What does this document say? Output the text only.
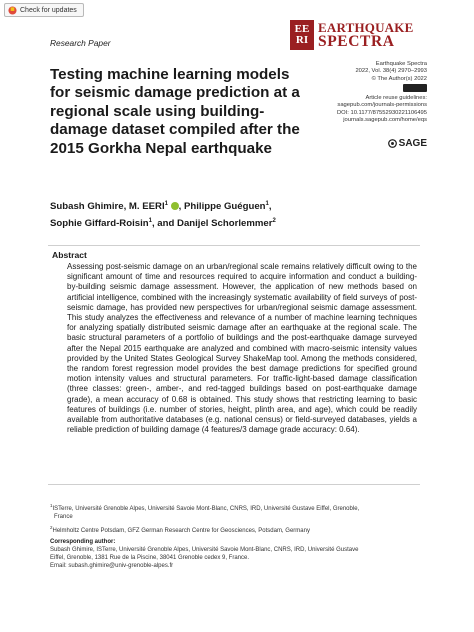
Check for updates
Research Paper
EE
RI
EARTHQUAKE
SPECTRA
Earthquake Spectra
2022, Vol. 38(4) 2970–2993
© The Author(s) 2022
Article reuse guidelines:
sagepub.com/journals-permissions
DOI: 10.1177/87552930221106495
journals.sagepub.com/home/eqs
SAGE
Testing machine learning models for seismic damage prediction at a regional scale using building-damage dataset compiled after the 2015 Gorkha Nepal earthquake
Subash Ghimire, M. EERI$^1$ , Philippe Guéguen$^1$,
Sophie Giffard-Roisin$^1$, and Danijel Schorlemmer$^2$
Abstract

Assessing post-seismic damage on an urban/regional scale remains relatively difficult owing to the significant amount of time and resources required to acquire information and conduct a building-by-building seismic damage assessment. However, the application of new methods based on artificial intelligence, combined with the increasingly systematic availability of field surveys of post-seismic damage, has provided new perspectives for urban/regional seismic damage assessment. This study analyzes the effectiveness and relevance of a number of machine learning techniques for analyzing spatially distributed seismic damage after an earthquake at the regional scale. The basic structural parameters of a portfolio of buildings and the post-earthquake damage surveyed after the Nepal 2015 earthquake are analyzed and combined with macro-seismic intensity values provided by the United States Geological Survey ShakeMap tool. Among the methods considered, the random forest regression model provides the best damage predictions for specified ground motion intensity values and structural parameters. For traffic-light-based damage classification (three classes: green-, amber-, and red-tagged buildings based on post-earthquake damage grade), a mean accuracy of 0.68 is obtained. This study shows that restricting learning to basic features of buildings (i.e. number of stories, height, plinth area, and age), which could be readily available from authoritative databases (e.g. national census) or field-surveyed databases, yields a reliable prediction of building damage (4 features/3 damage grade accuracy: 0.64).

$^1$ISTerre, Université Grenoble Alpes, Université Savoie Mont-Blanc, CNRS, IRD, Université Gustave Eiffel, Grenoble,
France

$^2$Helmholtz Centre Potsdam, GFZ German Research Centre for Geosciences, Potsdam, Germany

Corresponding author:

Subash Ghimire, ISTerre, Université Grenoble Alpes, Université Savoie Mont-Blanc, CNRS, IRD, Université Gustave

Eiffel, Grenoble, 1381 Rue de la Piscine, 38041 Grenoble cedex 9, France.

Email: subash.ghimire@univ-grenoble-alpes.fr
